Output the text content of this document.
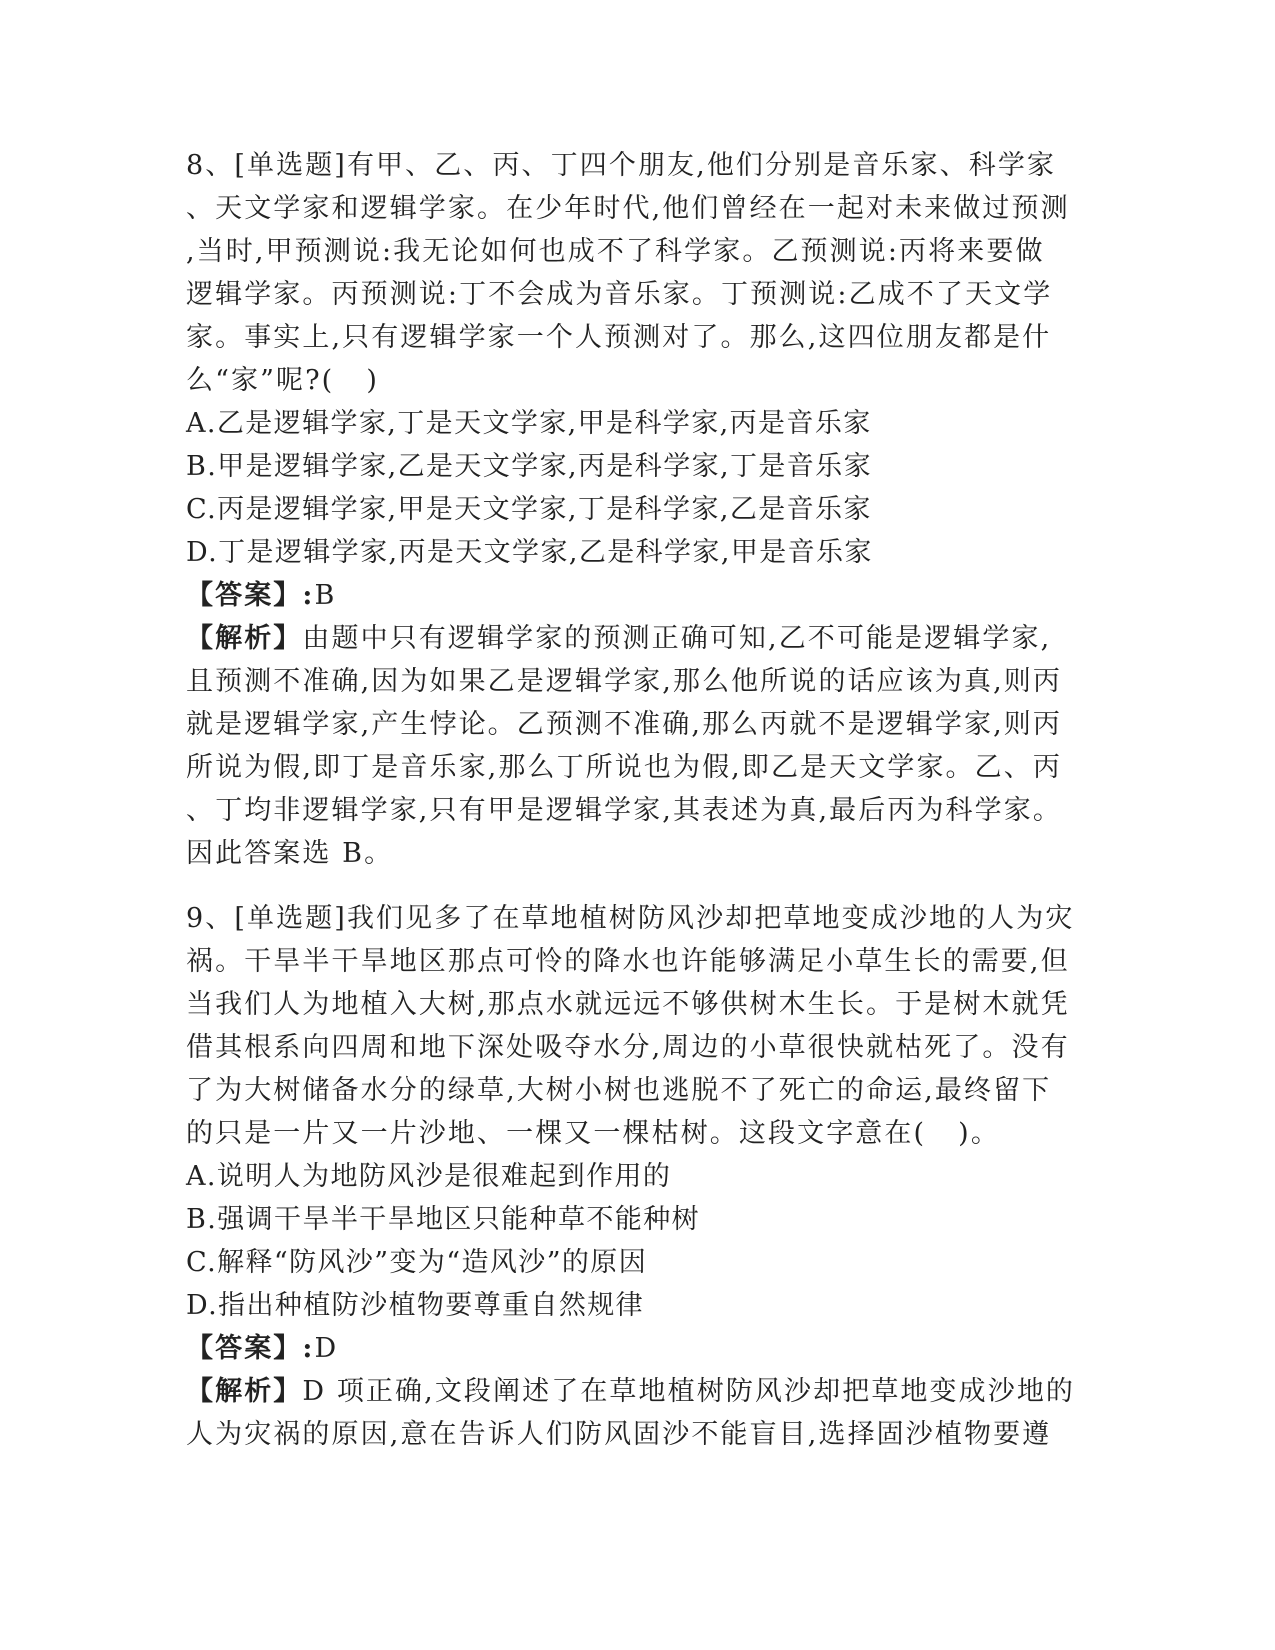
8、[单选题]有甲、乙、丙、丁四个朋友,他们分别是音乐家、科学家
、天文学家和逻辑学家。在少年时代,他们曾经在一起对未来做过预测
,当时,甲预测说:我无论如何也成不了科学家。乙预测说:丙将来要做
逻辑学家。丙预测说:丁不会成为音乐家。丁预测说:乙成不了天文学
家。事实上,只有逻辑学家一个人预测对了。那么,这四位朋友都是什
么“家”呢?(   )
A.乙是逻辑学家,丁是天文学家,甲是科学家,丙是音乐家
B.甲是逻辑学家,乙是天文学家,丙是科学家,丁是音乐家
C.丙是逻辑学家,甲是天文学家,丁是科学家,乙是音乐家
D.丁是逻辑学家,丙是天文学家,乙是科学家,甲是音乐家
【答案】:B
【解析】由题中只有逻辑学家的预测正确可知,乙不可能是逻辑学家,
且预测不准确,因为如果乙是逻辑学家,那么他所说的话应该为真,则丙
就是逻辑学家,产生悖论。乙预测不准确,那么丙就不是逻辑学家,则丙
所说为假,即丁是音乐家,那么丁所说也为假,即乙是天文学家。乙、丙
、丁均非逻辑学家,只有甲是逻辑学家,其表述为真,最后丙为科学家。
因此答案选 B。
9、[单选题]我们见多了在草地植树防风沙却把草地变成沙地的人为灾
祸。干旱半干旱地区那点可怜的降水也许能够满足小草生长的需要,但
当我们人为地植入大树,那点水就远远不够供树木生长。于是树木就凭
借其根系向四周和地下深处吸夺水分,周边的小草很快就枯死了。没有
了为大树储备水分的绿草,大树小树也逃脱不了死亡的命运,最终留下
的只是一片又一片沙地、一棵又一棵枯树。这段文字意在(   )。
A.说明人为地防风沙是很难起到作用的
B.强调干旱半干旱地区只能种草不能种树
C.解释“防风沙”变为“造风沙”的原因
D.指出种植防沙植物要尊重自然规律
【答案】:D
【解析】D 项正确,文段阐述了在草地植树防风沙却把草地变成沙地的
人为灾祸的原因,意在告诉人们防风固沙不能盲目,选择固沙植物要遵
